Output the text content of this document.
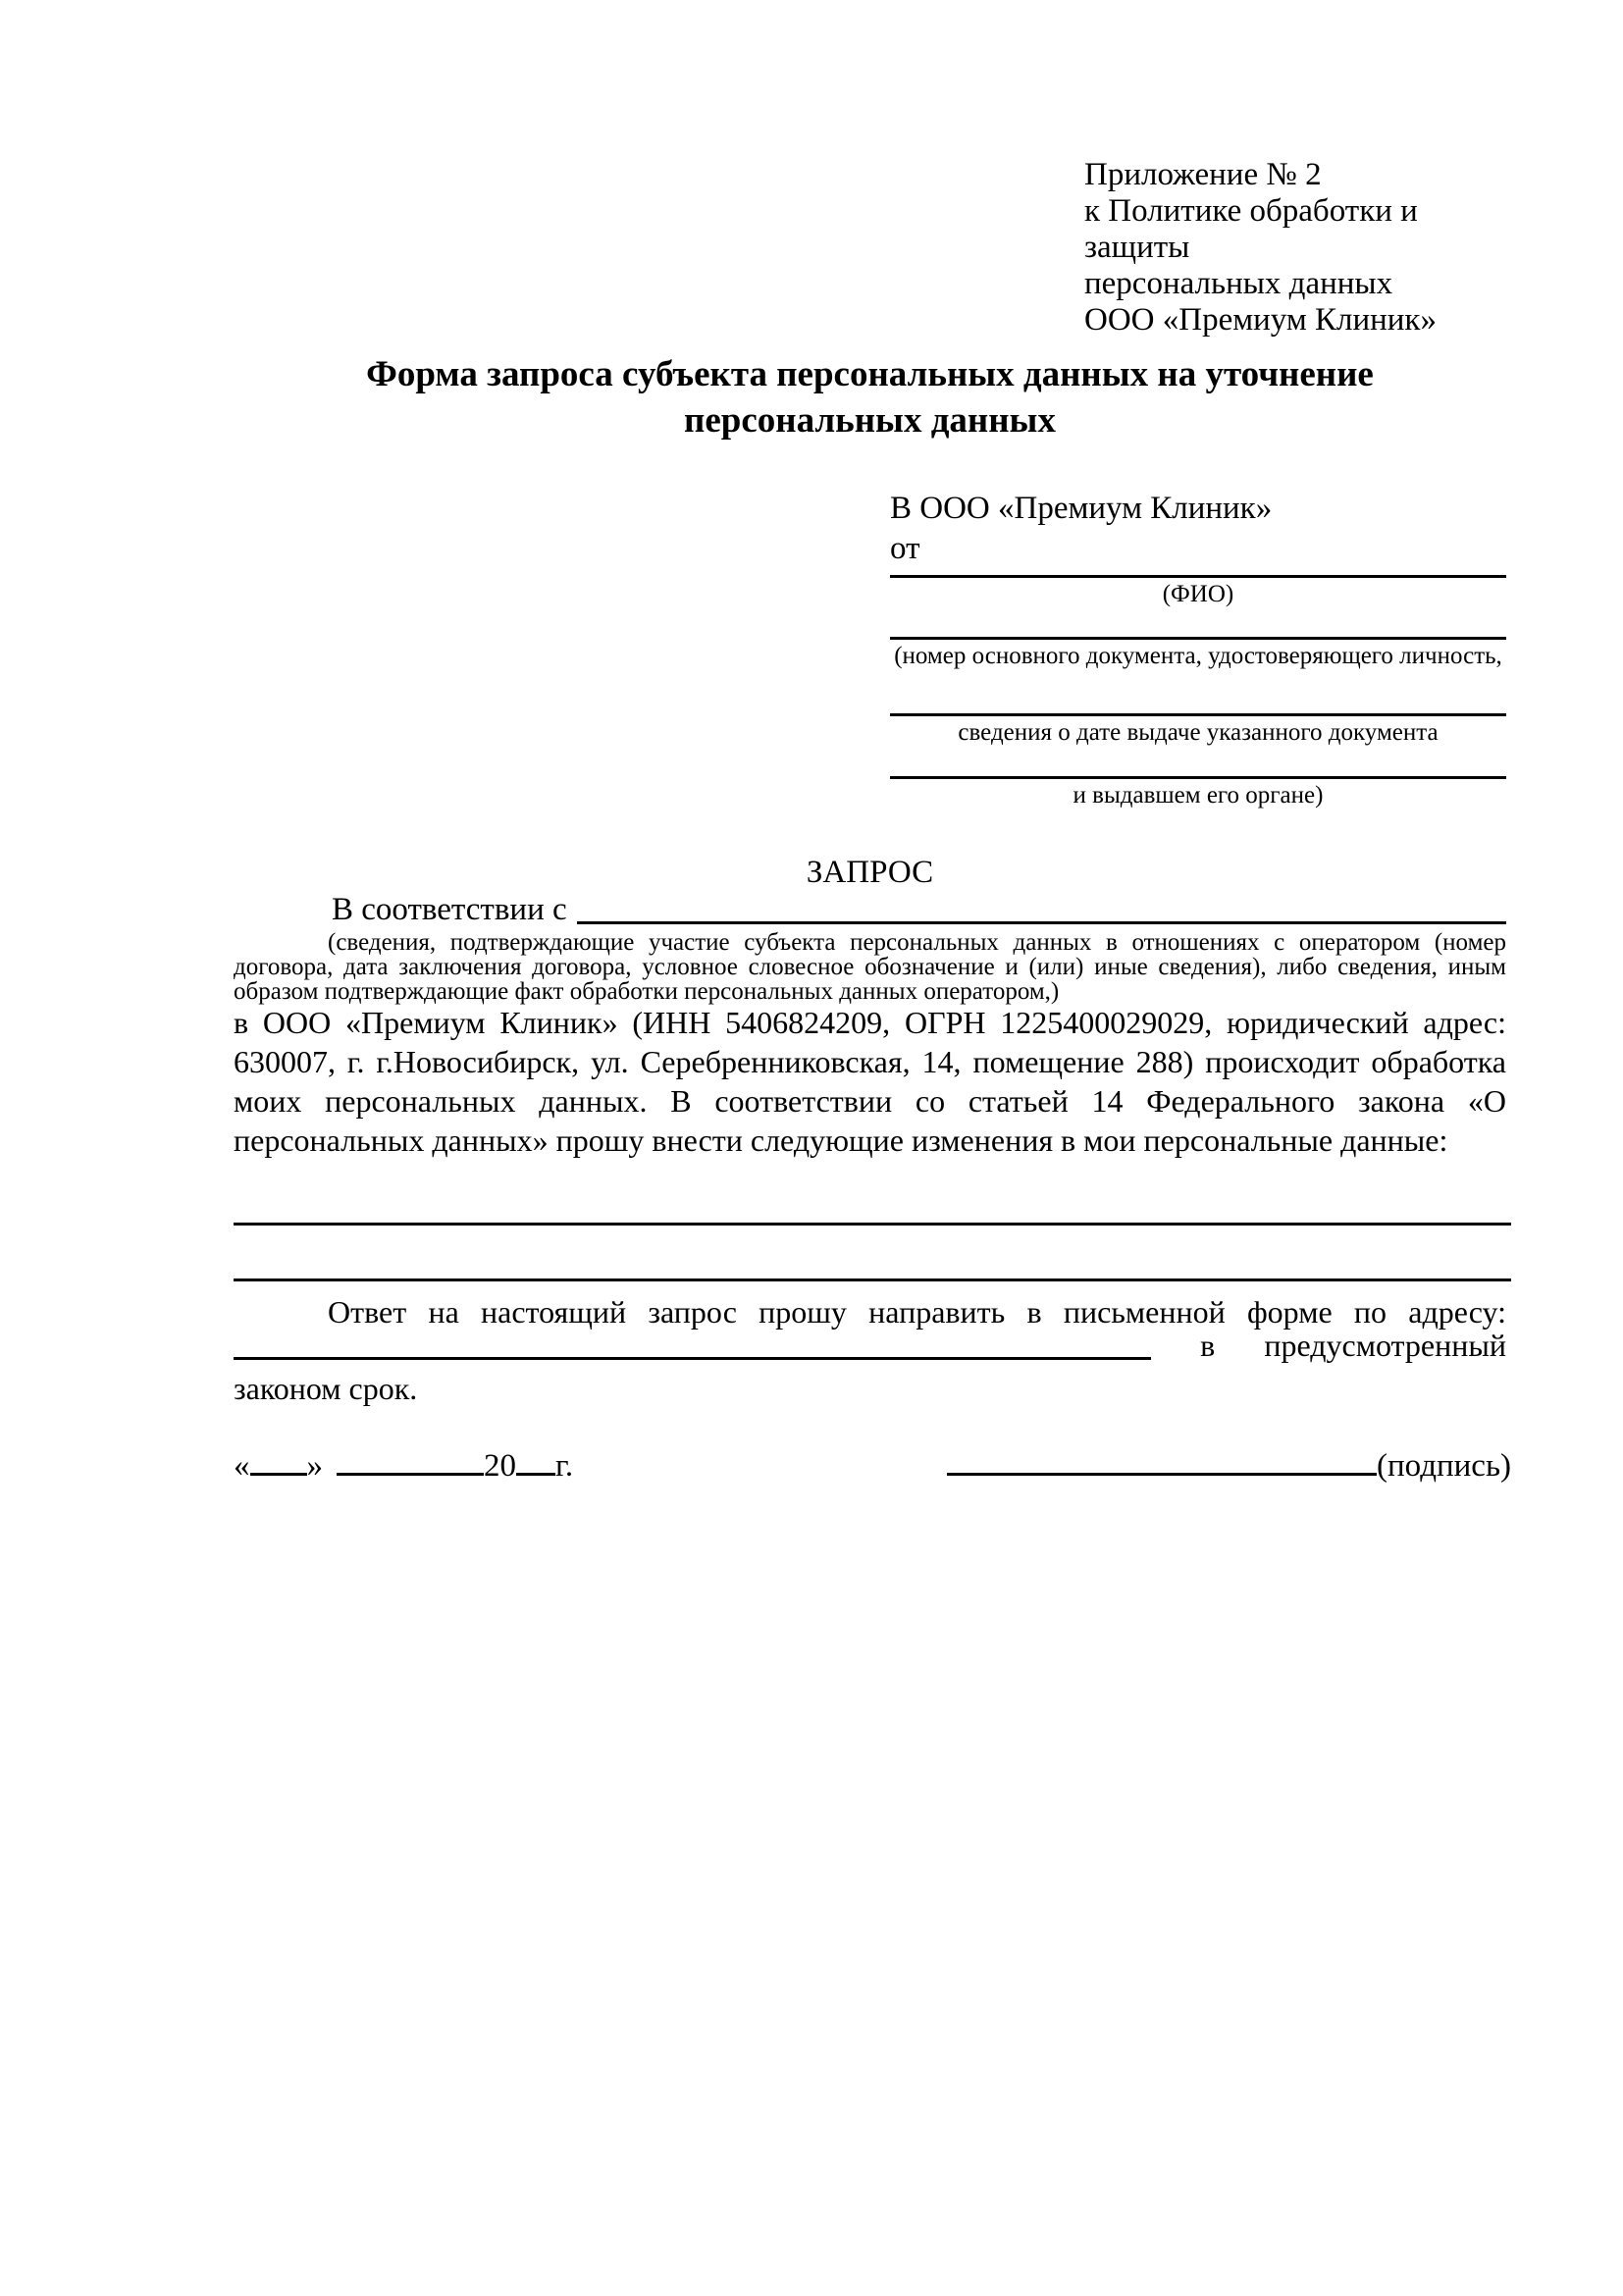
Приложение № 2
к Политике обработки и защиты
персональных данных
ООО «Премиум Клиник»
Форма запроса субъекта персональных данных на уточнение
персональных данных
В ООО «Премиум Клиник»
от
(ФИО)
(номер основного документа, удостоверяющего личность,
сведения о дате выдаче указанного документа
и выдавшем его органе)
ЗАПРОС
В соответствии с
(сведения, подтверждающие участие субъекта персональных данных в отношениях с оператором (номер договора, дата заключения договора, условное словесное обозначение и (или) иные сведения), либо сведения, иным образом подтверждающие факт обработки персональных данных оператором,)
в ООО «Премиум Клиник» (ИНН 5406824209, ОГРН 1225400029029, юридический адрес: 630007, г. г.Новосибирск, ул. Серебренниковская, 14, помещение 288) происходит обработка моих персональных данных. В соответствии со статьей 14 Федерального закона «О персональных данных» прошу внести следующие изменения в мои персональные данные:
Ответ на настоящий запрос прошу направить в письменной форме по адресу:
в предусмотренный
законом срок.
« »	20 г.	(подпись)
